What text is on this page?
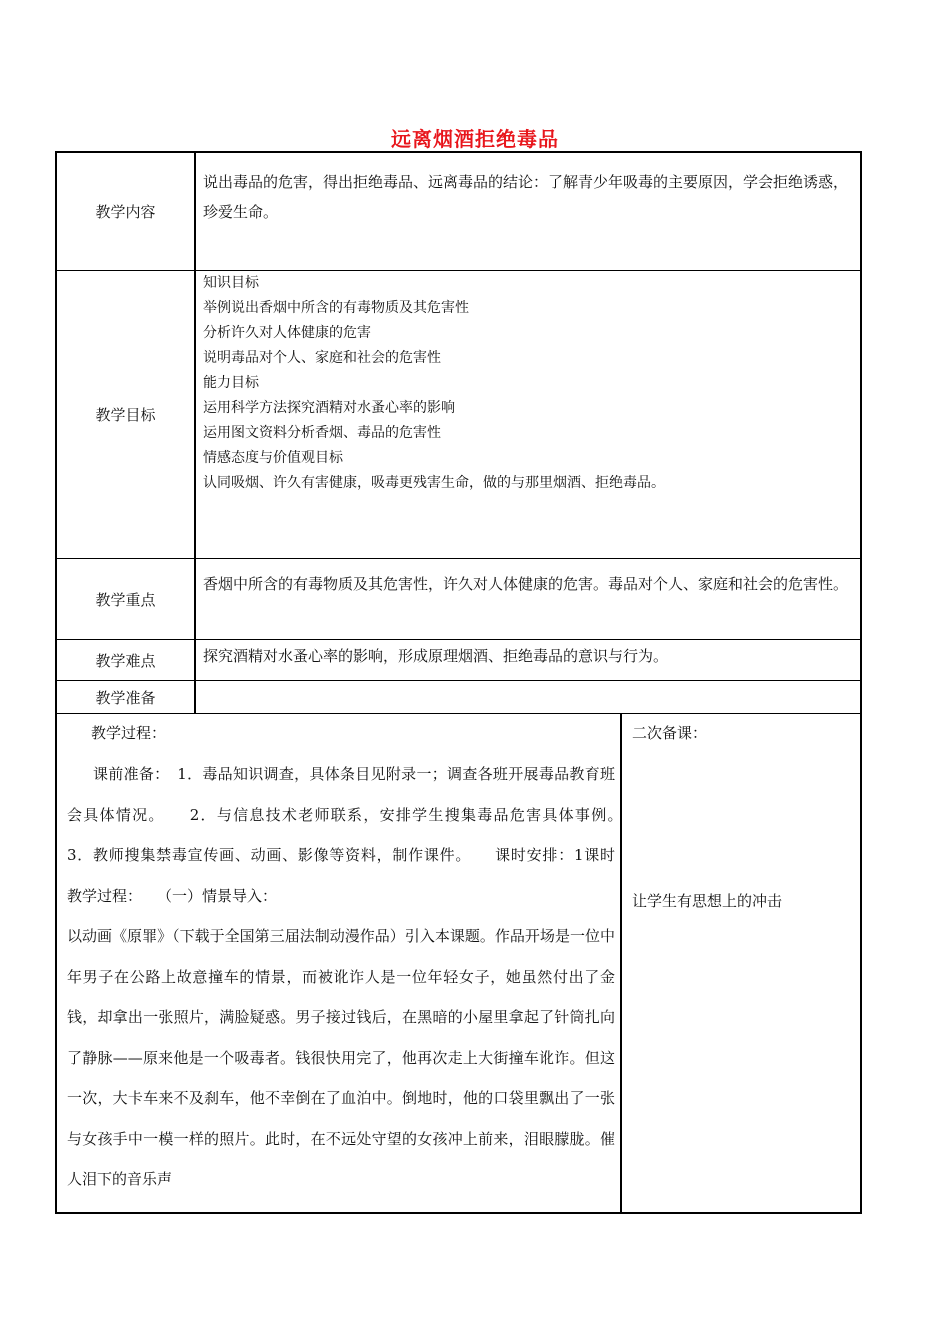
远离烟酒拒绝毒品
教学内容
说出毒品的危害，得出拒绝毒品、远离毒品的结论：了解青少年吸毒的主要原因，学会拒绝诱惑，珍爱生命。
教学目标
知识目标
举例说出香烟中所含的有毒物质及其危害性
分析许久对人体健康的危害
说明毒品对个人、家庭和社会的危害性
能力目标
运用科学方法探究酒精对水蚤心率的影响
运用图文资料分析香烟、毒品的危害性
情感态度与价值观目标
认同吸烟、许久有害健康，吸毒更残害生命，做的与那里烟酒、拒绝毒品。
教学重点
香烟中所含的有毒物质及其危害性，许久对人体健康的危害。毒品对个人、家庭和社会的危害性。
教学难点	探究酒精对水蚤心率的影响，形成原理烟酒、拒绝毒品的意识与行为。
教学准备
教学过程：
课前准备：　1．毒品知识调查，具体条目见附录一；调查各班开展毒品教育班会具体情况。　　2．与信息技术老师联系，安排学生搜集毒品危害具体事例。　　3．教师搜集禁毒宣传画、动画、影像等资料，制作课件。　　课时安排：1课时　　教学过程：　　（一）情景导入：
以动画《原罪》（下载于全国第三届法制动漫作品）引入本课题。作品开场是一位中年男子在公路上故意撞车的情景，而被讹诈人是一位年轻女子，她虽然付出了金钱，却拿出一张照片，满脸疑惑。男子接过钱后，在黑暗的小屋里拿起了针筒扎向了静脉——原来他是一个吸毒者。钱很快用完了，他再次走上大街撞车讹诈。但这一次，大卡车来不及刹车，他不幸倒在了血泊中。倒地时，他的口袋里飘出了一张与女孩手中一模一样的照片。此时，在不远处守望的女孩冲上前来，泪眼朦胧。催人泪下的音乐声
二次备课：
让学生有思想上的冲击
